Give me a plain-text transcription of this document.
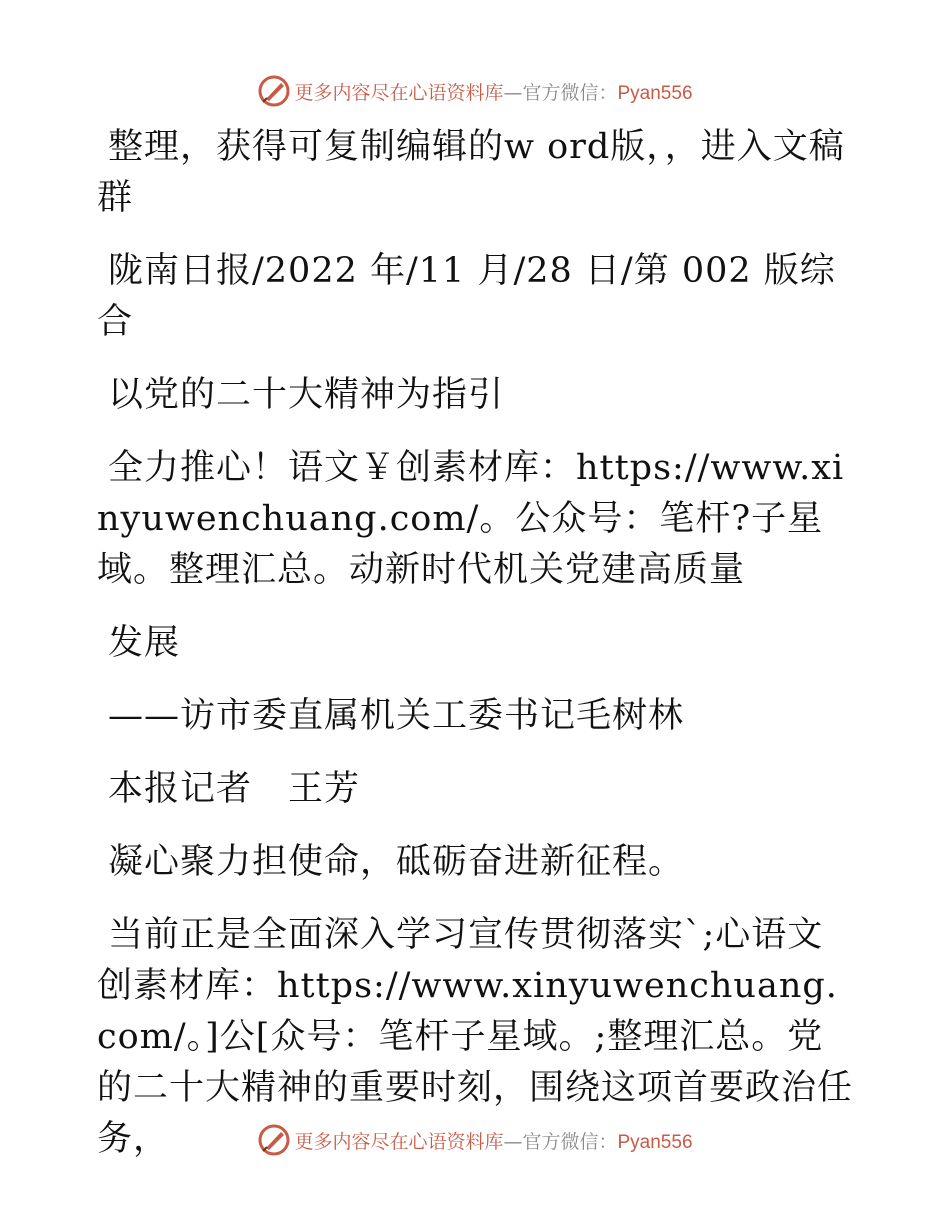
更多内容尽在心语资料库—官方微信：Pyan556

整理，获得可复制编辑的w ord版，，进入文稿群

陇南日报/2022 年/11 月/28 日/第 002 版综合

以党的二十大精神为指引

全力推心！语文￥创素材库：https://www.xinyuwenchuang.com/。公众号：笔杆?子星域。整理汇总。动新时代机关党建高质量

发展

——访市委直属机关工委书记毛树林

本报记者　王芳

凝心聚力担使命，砥砺奋进新征程。

当前正是全面深入学习宣传贯彻落实`;心语文创素材库：https://www.xinyuwenchuang.com/。]公[众号：笔杆子星域。;整理汇总。党的二十大精神的重要时刻，围绕这项首要政治任务，	更多内容尽在心语资料库—官方微信：Pyan556
